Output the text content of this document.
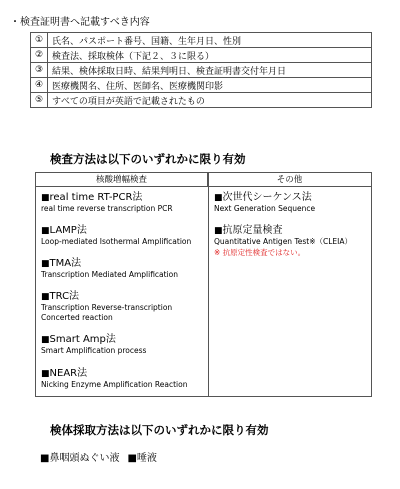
・検査証明書へ記載すべき内容
①	氏名、パスポート番号、国籍、生年月日、性別
②	検査法、採取検体（下記２、３に限る）
③	結果、検体採取日時、結果判明日、検査証明書交付年月日
④	医療機関名、住所、医師名、医療機関印影
⑤	すべての項目が英語で記載されたもの
検査方法は以下のいずれかに限り有効
核酸増幅検査	その他
■real time RT-PCR法
real time reverse transcription PCR
■LAMP法
Loop-mediated Isothermal Amplification
■TMA法
Transcription Mediated Amplification
■TRC法
Transcription Reverse-transcription
Concerted reaction
■Smart Amp法
Smart Amplification process
■NEAR法
Nicking Enzyme Amplification Reaction
■次世代シーケンス法
Next Generation Sequence
■抗原定量検査
Quantitative Antigen Test※（CLEIA）
※ 抗原定性検査ではない。
検体採取方法は以下のいずれかに限り有効
■鼻咽頭ぬぐい液 ■唾液
